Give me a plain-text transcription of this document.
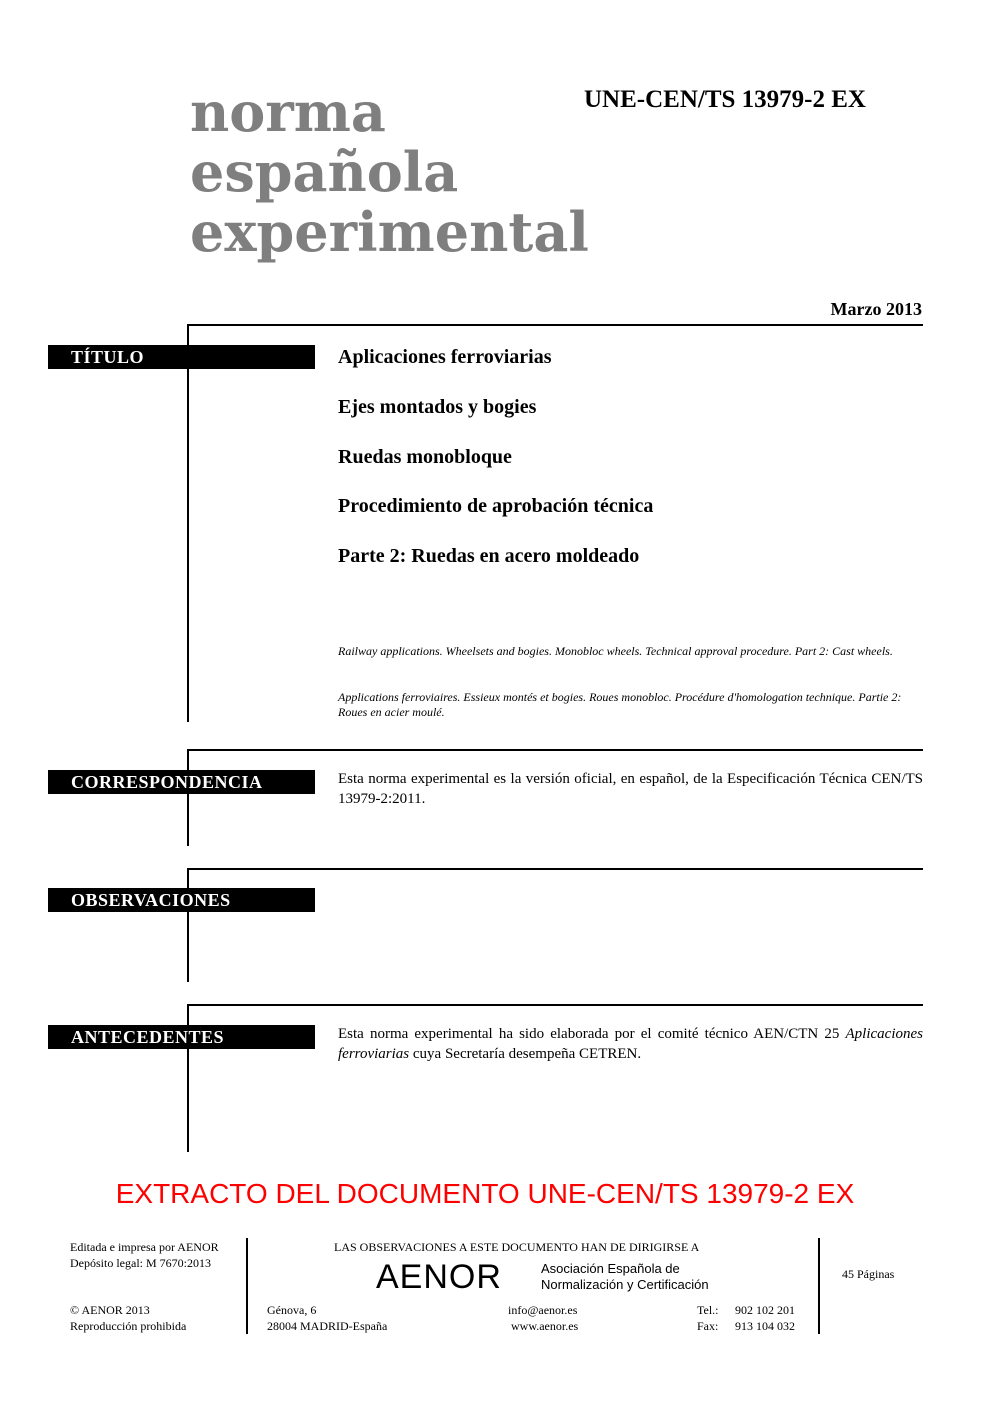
norma
española
experimental
UNE-CEN/TS 13979-2 EX
Marzo 2013
TÍTULO	Aplicaciones ferroviarias
Ejes montados y bogies
Ruedas monobloque
Procedimiento de aprobación técnica
Parte 2: Ruedas en acero moldeado
Railway applications. Wheelsets and bogies. Monobloc wheels. Technical approval procedure. Part 2: Cast wheels.
Applications ferroviaires. Essieux montés et bogies. Roues monobloc. Procédure d'homologation technique. Partie 2: Roues en acier moulé.
CORRESPONDENCIA	Esta norma experimental es la versión oficial, en español, de la Especificación Técnica CEN/TS 13979-2:2011.
OBSERVACIONES
ANTECEDENTES	Esta norma experimental ha sido elaborada por el comité técnico AEN/CTN 25 Aplicaciones ferroviarias cuya Secretaría desempeña CETREN.
EXTRACTO DEL DOCUMENTO UNE-CEN/TS 13979-2 EX
Editada e impresa por AENOR
Depósito legal: M 7670:2013
© AENOR 2013
Reproducción prohibida
LAS OBSERVACIONES A ESTE DOCUMENTO HAN DE DIRIGIRSE A
AENOR	Asociación Española de
Normalización y Certificación
Génova, 6
28004 MADRID-España
info@aenor.es
www.aenor.es
Tel.: 902 102 201
Fax: 913 104 032
45 Páginas
